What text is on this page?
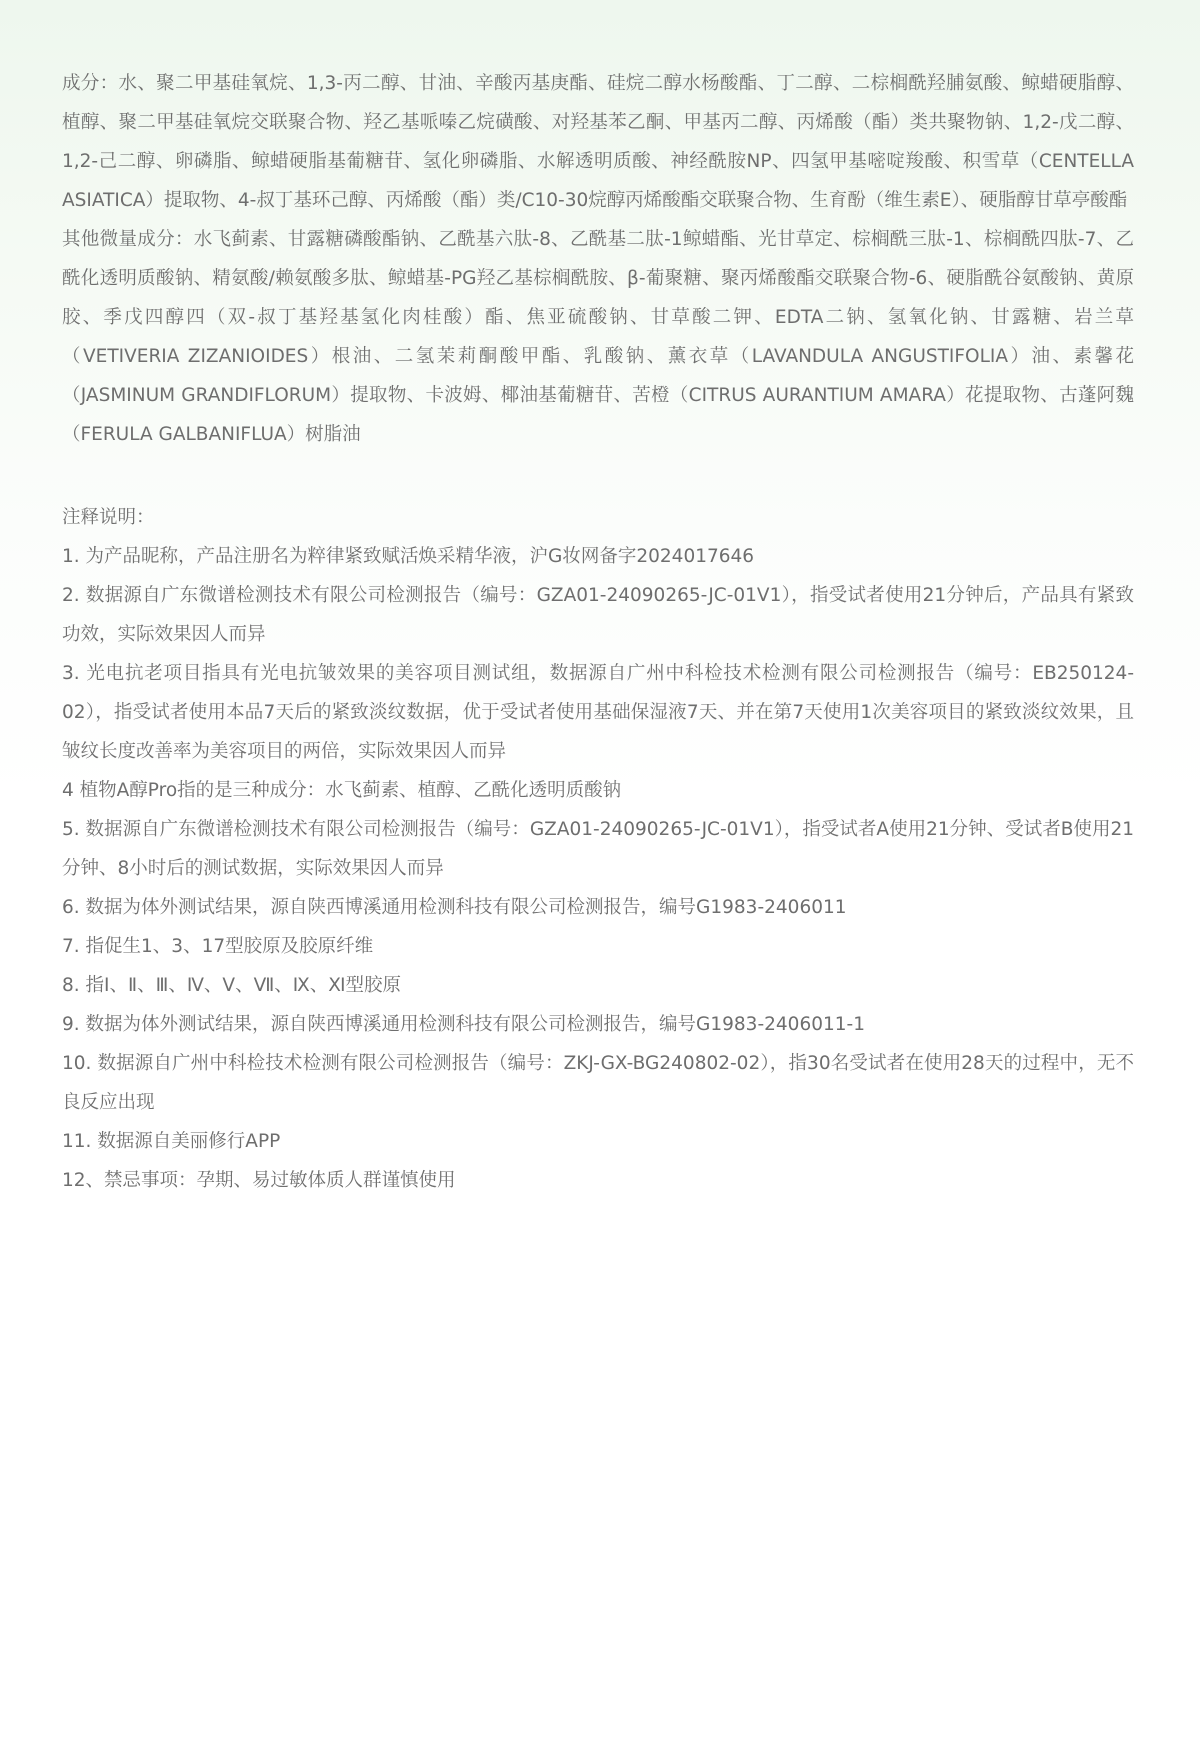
成分：水、聚二甲基硅氧烷、1,3-丙二醇、甘油、辛酸丙基庚酯、硅烷二醇水杨酸酯、丁二醇、二棕榈酰羟脯氨酸、鲸蜡硬脂醇、植醇、聚二甲基硅氧烷交联聚合物、羟乙基哌嗪乙烷磺酸、对羟基苯乙酮、甲基丙二醇、丙烯酸（酯）类共聚物钠、1,2-戊二醇、1,2-己二醇、卵磷脂、鲸蜡硬脂基葡糖苷、氢化卵磷脂、水解透明质酸、神经酰胺NP、四氢甲基嘧啶羧酸、积雪草（CENTELLA ASIATICA）提取物、4-叔丁基环己醇、丙烯酸（酯）类/C10-30烷醇丙烯酸酯交联聚合物、生育酚（维生素E）、硬脂醇甘草亭酸酯

其他微量成分：水飞蓟素、甘露糖磷酸酯钠、乙酰基六肽-8、乙酰基二肽-1鲸蜡酯、光甘草定、棕榈酰三肽-1、棕榈酰四肽-7、乙酰化透明质酸钠、精氨酸/赖氨酸多肽、鲸蜡基-PG羟乙基棕榈酰胺、β-葡聚糖、聚丙烯酸酯交联聚合物-6、硬脂酰谷氨酸钠、黄原胶、季戊四醇四（双-叔丁基羟基氢化肉桂酸）酯、焦亚硫酸钠、甘草酸二钾、EDTA二钠、氢氧化钠、甘露糖、岩兰草（VETIVERIA ZIZANIOIDES）根油、二氢茉莉酮酸甲酯、乳酸钠、薰衣草（LAVANDULA ANGUSTIFOLIA）油、素馨花（JASMINUM GRANDIFLORUM）提取物、卡波姆、椰油基葡糖苷、苦橙（CITRUS AURANTIUM AMARA）花提取物、古蓬阿魏（FERULA GALBANIFLUA）树脂油

注释说明：

1. 为产品昵称，产品注册名为粹律紧致赋活焕采精华液，沪G妆网备字2024017646

2. 数据源自广东微谱检测技术有限公司检测报告（编号：GZA01-24090265-JC-01V1），指受试者使用21分钟后，产品具有紧致功效，实际效果因人而异

3. 光电抗老项目指具有光电抗皱效果的美容项目测试组，数据源自广州中科检技术检测有限公司检测报告（编号：EB250124-02），指受试者使用本品7天后的紧致淡纹数据，优于受试者使用基础保湿液7天、并在第7天使用1次美容项目的紧致淡纹效果，且皱纹长度改善率为美容项目的两倍，实际效果因人而异

4 植物A醇Pro指的是三种成分：水飞蓟素、植醇、乙酰化透明质酸钠

5. 数据源自广东微谱检测技术有限公司检测报告（编号：GZA01-24090265-JC-01V1），指受试者A使用21分钟、受试者B使用21分钟、8小时后的测试数据，实际效果因人而异

6. 数据为体外测试结果，源自陕西博溪通用检测科技有限公司检测报告，编号G1983-2406011

7. 指促生1、3、17型胶原及胶原纤维

8. 指Ⅰ、Ⅱ、Ⅲ、Ⅳ、Ⅴ、Ⅶ、Ⅸ、Ⅺ型胶原

9. 数据为体外测试结果，源自陕西博溪通用检测科技有限公司检测报告，编号G1983-2406011-1

10. 数据源自广州中科检技术检测有限公司检测报告（编号：ZKJ-GX-BG240802-02），指30名受试者在使用28天的过程中，无不良反应出现

11. 数据源自美丽修行APP

12、禁忌事项：孕期、易过敏体质人群谨慎使用
